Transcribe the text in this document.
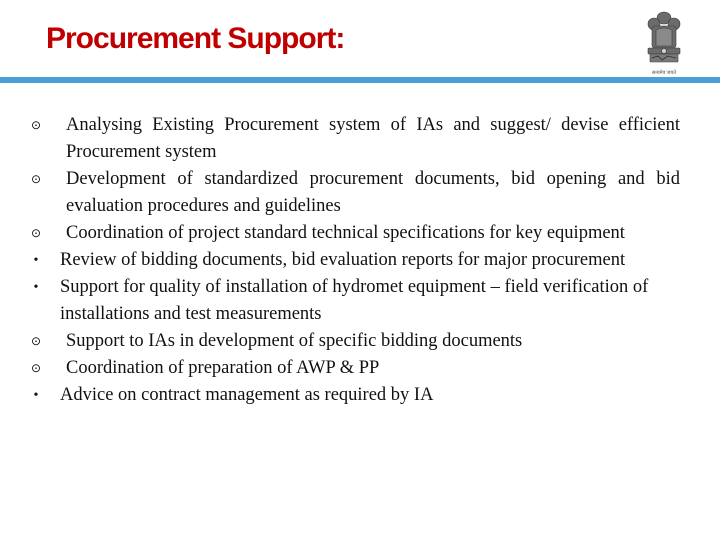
Procurement Support:
सत्यमेव जयते
⊙ Analysing Existing Procurement system of IAs and suggest/ devise efficient Procurement system
⊙ Development of standardized procurement documents, bid opening and bid evaluation procedures and guidelines
⊙ Coordination of project standard technical specifications for key equipment
•	Review of bidding documents, bid evaluation reports for major procurement
•	Support for quality of installation of hydromet equipment – field verification of installations and test measurements
⊙ Support to IAs in development of specific bidding documents
⊙ Coordination of preparation of AWP & PP
•	Advice on contract management as required by IA
